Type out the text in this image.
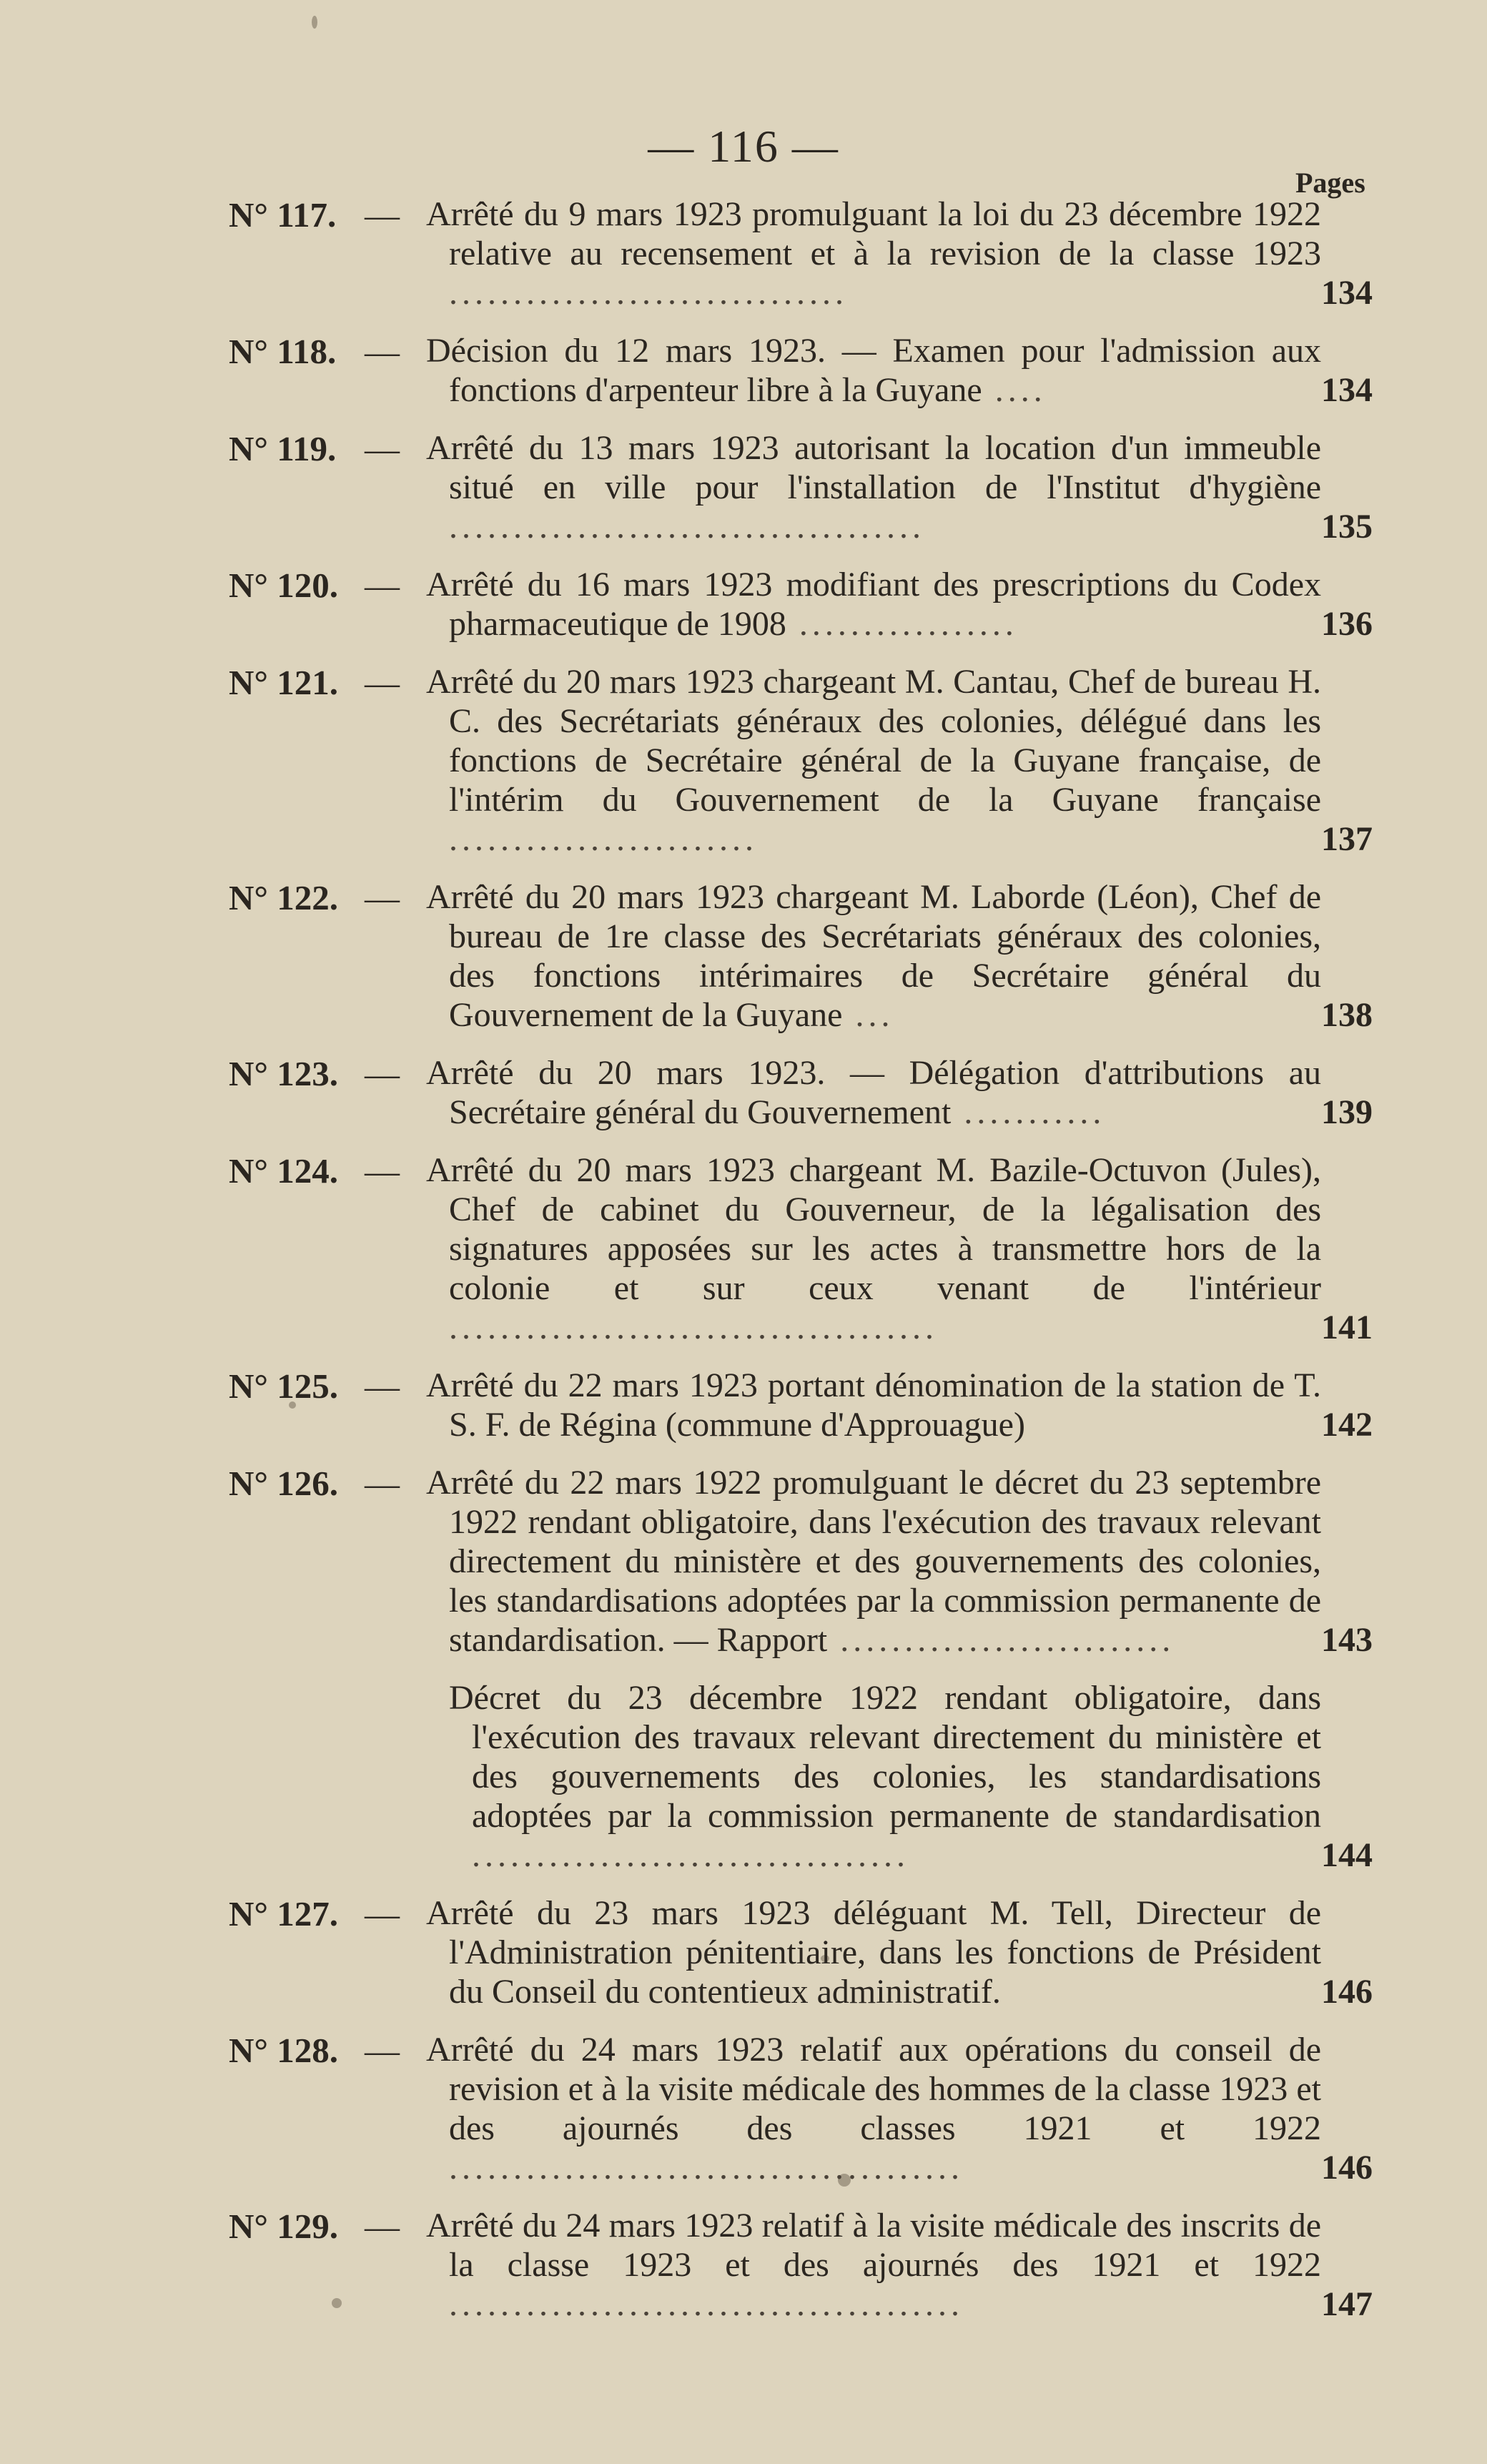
— 116 —
Pages
N° 117. — Arrêté du 9 mars 1923 promulguant la loi du 23 décembre 1922 relative au recensement et à la revision de la classe 1923 ...............................	134
N° 118. — Décision du 12 mars 1923. — Examen pour l'admission aux fonctions d'arpenteur libre à la Guyane ....	134
N° 119. — Arrêté du 13 mars 1923 autorisant la location d'un immeuble situé en ville pour l'installation de l'Institut d'hygiène .....................................	135
N° 120. — Arrêté du 16 mars 1923 modifiant des prescriptions du Codex pharmaceutique de 1908 .................	136
N° 121. — Arrêté du 20 mars 1923 chargeant M. Cantau, Chef de bureau H. C. des Secrétariats généraux des colonies, délégué dans les fonctions de Secrétaire général de la Guyane française, de l'intérim du Gouvernement de la Guyane française ........................	137
N° 122. — Arrêté du 20 mars 1923 chargeant M. Laborde (Léon), Chef de bureau de 1re classe des Secrétariats généraux des colonies, des fonctions intérimaires de Secrétaire général du Gouvernement de la Guyane ...	138
N° 123. — Arrêté du 20 mars 1923. — Délégation d'attributions au Secrétaire général du Gouvernement ...........	139
N° 124. — Arrêté du 20 mars 1923 chargeant M. Bazile-Octuvon (Jules), Chef de cabinet du Gouverneur, de la légalisation des signatures apposées sur les actes à transmettre hors de la colonie et sur ceux venant de l'intérieur ......................................	141
N° 125. — Arrêté du 22 mars 1923 portant dénomination de la station de T. S. F. de Régina (commune d'Approuague)	142
N° 126. — Arrêté du 22 mars 1922 promulguant le décret du 23 septembre 1922 rendant obligatoire, dans l'exécution des travaux relevant directement du ministère et des gouvernements des colonies, les standardisations adoptées par la commission permanente de standardisation. — Rapport ..........................	143
Décret du 23 décembre 1922 rendant obligatoire, dans l'exécution des travaux relevant directement du ministère et des gouvernements des colonies, les standardisations adoptées par la commission permanente de standardisation ..................................	144
N° 127. — Arrêté du 23 mars 1923 déléguant M. Tell, Directeur de l'Administration pénitentiaire, dans les fonctions de Président du Conseil du contentieux administratif.	146
N° 128. — Arrêté du 24 mars 1923 relatif aux opérations du conseil de revision et à la visite médicale des hommes de la classe 1923 et des ajournés des classes 1921 et 1922 ........................................	146
N° 129. — Arrêté du 24 mars 1923 relatif à la visite médicale des inscrits de la classe 1923 et des ajournés des 1921 et 1922 ........................................	147
